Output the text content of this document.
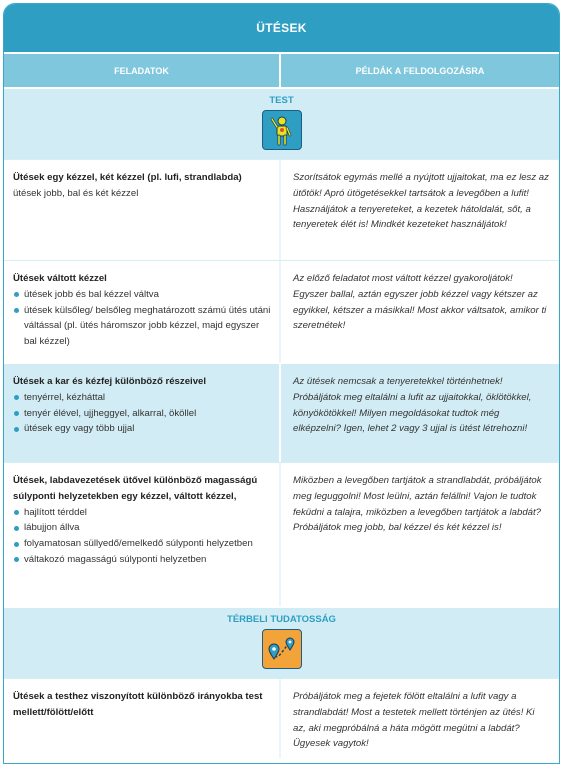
ÜTÉSEK
FELADATOK	PÉLDÁK A FELDOLGOZÁSRA
TEST
Ütések egy kézzel, két kézzel (pl. lufi, strandlabda)
ütések jobb, bal és két kézzel
Szorítsátok egymás mellé a nyújtott ujjaitokat, ma ez lesz az ütőtök! Apró ütögetésekkel tartsátok a levegőben a lufit! Használjátok a tenyereteket, a kezetek hátoldalát, sőt, a tenyeretek élét is! Mindkét kezeteket használjátok!
Ütések váltott kézzel
ütések jobb és bal kézzel váltva
ütések külsőleg/ belsőleg meghatározott számú ütés utáni váltással (pl. ütés háromszor jobb kézzel, majd egyszer bal kézzel)
Az előző feladatot most váltott kézzel gyakoroljátok! Egyszer ballal, aztán egyszer jobb kézzel vagy kétszer az egyikkel, kétszer a másikkal! Most akkor váltsatok, amikor ti szeretnétek!
Ütések a kar és kézfej különböző részeivel
tenyérrel, kézháttal
tenyér élével, ujjheggyel, alkarral, ököllel
ütések egy vagy több ujjal
Az ütések nemcsak a tenyeretekkel történhetnek! Próbáljátok meg eltalálni a lufit az ujjaitokkal, öklötökkel, könyökötökkel! Milyen megoldásokat tudtok még elképzelni? Igen, lehet 2 vagy 3 ujjal is ütést létrehozni!
Ütések, labdavezetések ütővel különböző magasságú súlyponti helyzetekben egy kézzel, váltott kézzel,
hajlított térddel
lábujjon állva
folyamatosan süllyedő/emelkedő súlyponti helyzetben
váltakozó magasságú súlyponti helyzetben
Miközben a levegőben tartjátok a strandlabdát, próbáljátok meg leguggolni! Most leülni, aztán felállni! Vajon le tudtok feküdni a talajra, miközben a levegőben tartjátok a labdát? Próbáljátok meg jobb, bal kézzel és két kézzel is!
TÉRBELI TUDATOSSÁG
Ütések a testhez viszonyított különböző irányokba test mellett/fölött/előtt
Próbáljátok meg a fejetek fölött eltalálni a lufit vagy a strandlabdát! Most a testetek mellett történjen az ütés! Ki az, aki megpróbálná a háta mögött megütni a labdát? Ügyesek vagytok!
